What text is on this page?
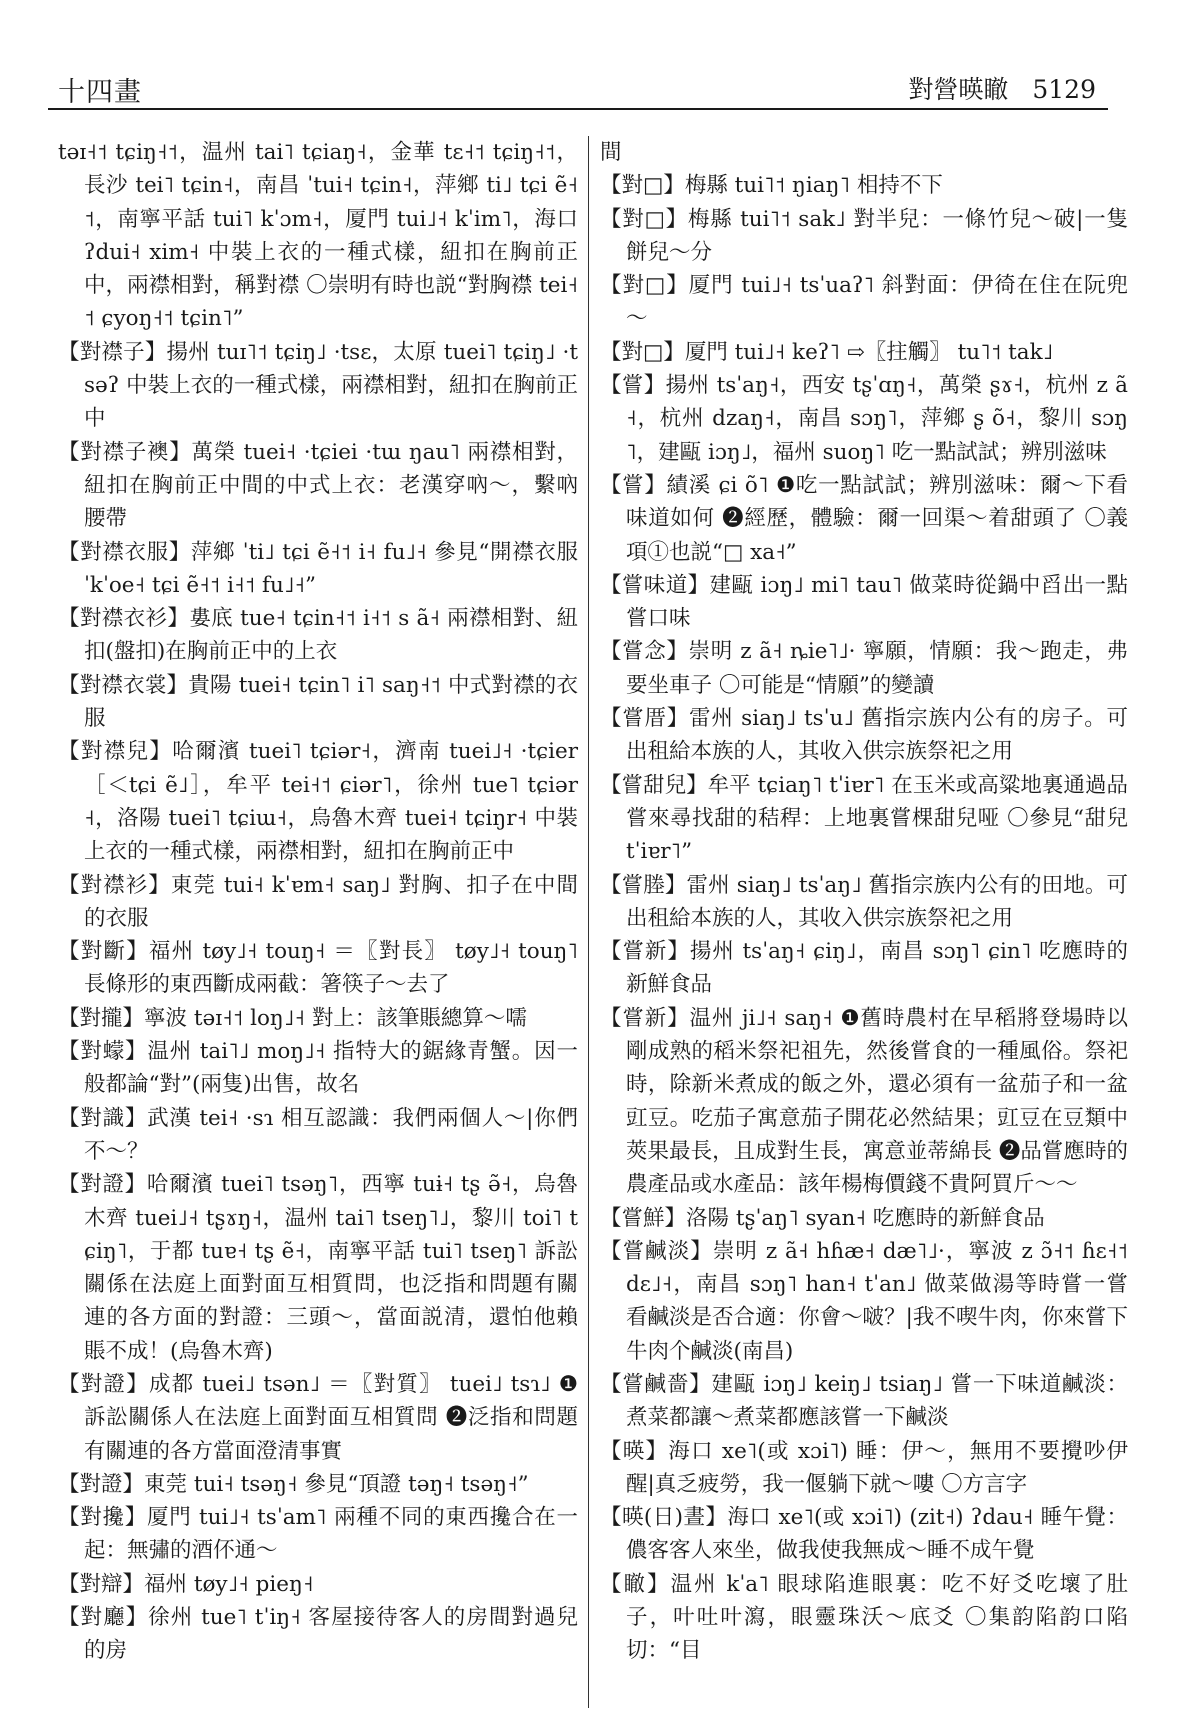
十四畫	對營暎瞮 5129

təɪ˧˦ tɕiŋ˧˦，温州 tai˥ tɕiaŋ˧，金華 tɛ˧˦ tɕiŋ˧˦，長沙 tei˥ tɕin˧，南昌 ˈtui˧ tɕin˧，萍鄉 ti˩ tɕi ẽ˧˦，南寧平話 tui˥ kˈɔm˧，厦門 tui˩˧ kˈim˥，海口 ʔdui˧ xim˧ 中裝上衣的一種式樣，紐扣在胸前正中，兩襟相對，稱對襟 〇崇明有時也説“對胸襟 tei˧˦ ɕyoŋ˧˦ tɕin˥”

【對襟子】揚州 tuɪ˥˦ tɕiŋ˩ ·tsɛ，太原 tuei˥ tɕiŋ˩ ·tsəʔ 中裝上衣的一種式樣，兩襟相對，紐扣在胸前正中

【對襟子襖】萬榮 tuei˧ ·tɕiei ·tɯ ŋau˥ 兩襟相對，紐扣在胸前正中間的中式上衣：老漢穿吶～，繫吶腰帶

【對襟衣服】萍鄉 ˈti˩ tɕi ẽ˧˦ i˧ fu˩˧ 參見“開襟衣服 ˈkˈoe˧ tɕi ẽ˧˦ i˧˦ fu˩˧”

【對襟衣衫】婁底 tue˧ tɕin˧˦ i˧˦ s ã˧ 兩襟相對、紐扣(盤扣)在胸前正中的上衣

【對襟衣裳】貴陽 tuei˧ tɕin˥ i˥ saŋ˧˦ 中式對襟的衣服

【對襟兒】哈爾濱 tuei˥ tɕiər˧，濟南 tuei˩˧ ·tɕier［＜tɕi ẽ˩］，牟平 tei˧˦ ɕiər˥，徐州 tue˥ tɕiər˧，洛陽 tuei˥ tɕiɯ˧，烏魯木齊 tuei˧ tɕiŋr˧ 中裝上衣的一種式樣，兩襟相對，紐扣在胸前正中

【對襟衫】東莞 tui˧ kˈɐm˧ saŋ˩ 對胸、扣子在中間的衣服

【對斷】福州 tøy˩˧ touŋ˧ ＝〖對長〗 tøy˩˧ touŋ˥ 長條形的東西斷成兩截：箸筷子～去了

【對攏】寧波 təɪ˧˦ loŋ˩˧ 對上：該筆賬總算～嚅

【對蠓】温州 tai˥˩ moŋ˩˧ 指特大的鋸緣青蟹。因一般都論“對”(兩隻)出售，故名

【對識】武漢 tei˧ ·sɿ 相互認識：我們兩個人～|你們不～？

【對證】哈爾濱 tuei˥ tsəŋ˥，西寧 tuɨ˧ tʂ ə̃˧，烏魯木齊 tuei˩˧ tʂɤŋ˧，温州 tai˥ tseŋ˥˩，黎川 toi˥ tɕiŋ˥，于都 tuɐ˧ tʂ ẽ˧，南寧平話 tui˥ tseŋ˥ 訴訟關係在法庭上面對面互相質問，也泛指和問題有關連的各方面的對證：三頭～，當面説清，還怕他賴賬不成！(烏魯木齊)

【對證】成都 tuei˩ tsən˩ ＝〖對質〗 tuei˩ tsɿ˩ ❶訴訟關係人在法庭上面對面互相質問 ❷泛指和問題有關連的各方當面澄清事實

【對證】東莞 tui˧ tsəŋ˧ 參見“頂證 təŋ˧ tsəŋ˧”

【對攙】厦門 tui˩˧ tsˈam˥ 兩種不同的東西攙合在一起：無彇的酒伓通～

【對辯】福州 tøy˩˧ pieŋ˧

【對廳】徐州 tue˥ tˈiŋ˧ 客屋接待客人的房間對過兒的房

間

【對□】梅縣 tui˥˦ ŋiaŋ˥ 相持不下

【對□】梅縣 tui˥˦ sak˩ 對半兒：一條竹兒～破|一隻餅兒～分

【對□】厦門 tui˩˧ tsˈuaʔ˥ 斜對面：伊徛在住在阮兜～

【對□】厦門 tui˩˧ keʔ˥ ⇨〖拄觸〗 tu˥˦ tak˩

【嘗】揚州 tsˈaŋ˧，西安 tʂˈɑŋ˧，萬榮 ʂɤ˧，杭州 z ã˧，杭州 dzaŋ˧，南昌 sɔŋ˥，萍鄉 ʂ õ˧，黎川 sɔŋ˥，建甌 iɔŋ˩，福州 suoŋ˥ 吃一點試試；辨別滋味

【嘗】績溪 ɕi õ˥ ❶吃一點試試；辨別滋味：爾～下看味道如何 ❷經歷，體驗：爾一回渠～着甜頭了 〇義項①也説“□ xa˧”

【嘗味道】建甌 iɔŋ˩ mi˥ tau˥ 做菜時從鍋中舀出一點嘗口味

【嘗念】崇明 z ã˧ ȵie˥˩· 寧願，情願：我～跑走，弗要坐車子 〇可能是“情願”的變讀

【嘗厝】雷州 siaŋ˩ tsˈu˩ 舊指宗族内公有的房子。可出租給本族的人，其收入供宗族祭祀之用

【嘗甜兒】牟平 tɕiaŋ˥ tˈiɐr˥ 在玉米或高粱地裏通過品嘗來尋找甜的秸稈：上地裏嘗棵甜兒哑 〇參見“甜兒 tˈiɐr˥”

【嘗塍】雷州 siaŋ˩ tsˈaŋ˩ 舊指宗族内公有的田地。可出租給本族的人，其收入供宗族祭祀之用

【嘗新】揚州 tsˈaŋ˧ ɕiŋ˩，南昌 sɔŋ˥ ɕin˥ 吃應時的新鮮食品

【嘗新】温州 ji˩˧ saŋ˧ ❶舊時農村在早稻將登場時以剛成熟的稻米祭祀祖先，然後嘗食的一種風俗。祭祀時，除新米煮成的飯之外，還必須有一盆茄子和一盆豇豆。吃茄子寓意茄子開花必然結果；豇豆在豆類中莢果最長，且成對生長，寓意並蒂綿長 ❷品嘗應時的農產品或水產品：該年楊梅價錢不貴阿買斤～～

【嘗鮮】洛陽 tʂˈaŋ˥ syan˧ 吃應時的新鮮食品

【嘗鹹淡】崇明 z ã˧ hɦæ˧ dæ˥˩·，寧波 z ɔ̃˧˦ ɦɛ˧˦ dɛ˩˧，南昌 sɔŋ˥ han˧ tˈan˩ 做菜做湯等時嘗一嘗看鹹淡是否合適：你會～啵？|我不喫牛肉，你來嘗下牛肉个鹹淡(南昌)

【嘗鹹嗇】建甌 iɔŋ˩ keiŋ˩ tsiaŋ˩ 嘗一下味道鹹淡：煮菜都讓～煮菜都應該嘗一下鹹淡

【暎】海口 xe˥(或 xɔi˥) 睡：伊～，無用不要攪吵伊醒|真乏疲勞，我一偃躺下就～嘍 〇方言字

【暎(日)晝】海口 xe˥(或 xɔi˥) (zit˧) ʔdau˧ 睡午覺：儂客客人來坐，做我使我無成～睡不成午覺

【瞮】温州 kˈa˥ 眼球陷進眼裏：吃不好爻吃壞了肚子，叶吐叶瀉，眼靈珠沃～底爻 〇集韵陷韵口陷切：“目
